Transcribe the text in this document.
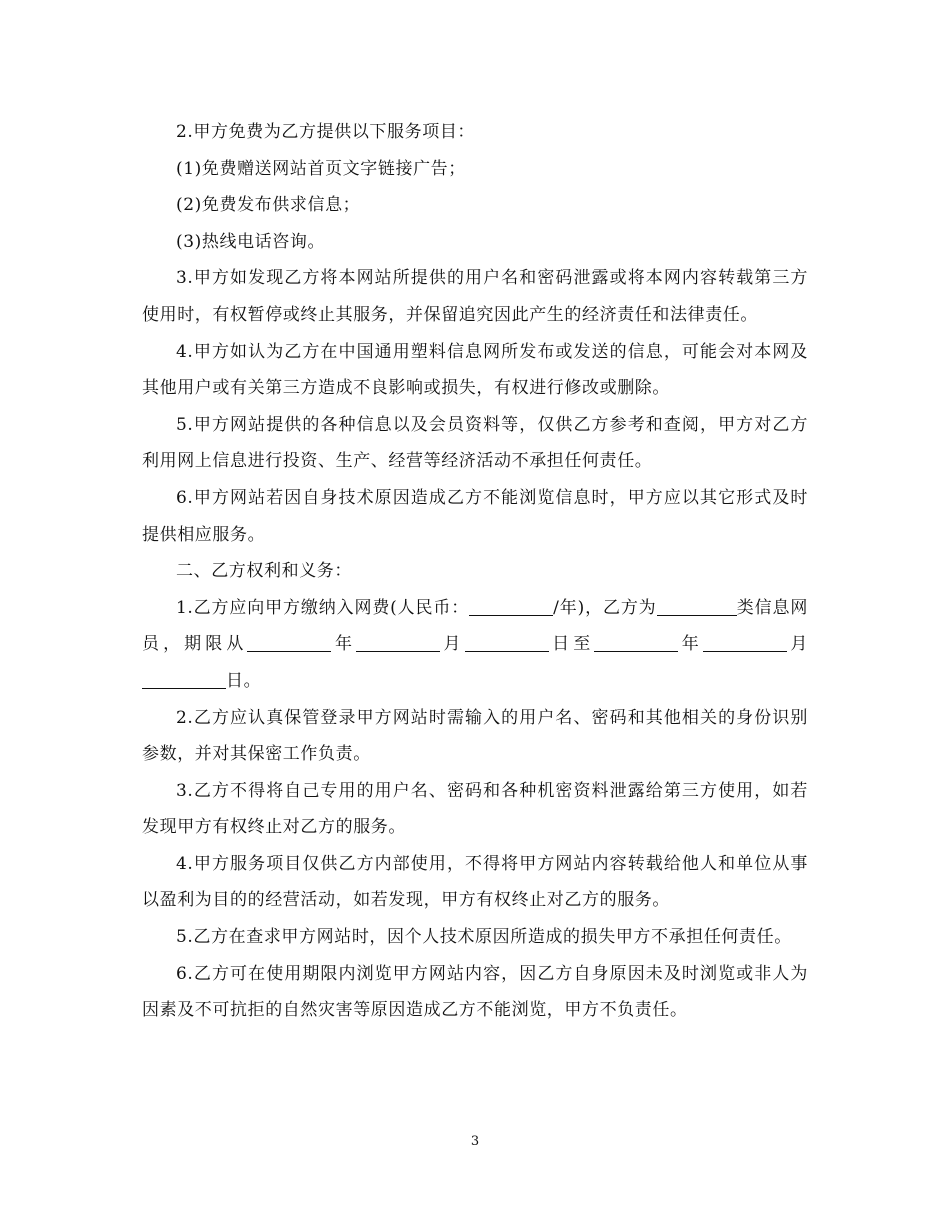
2.甲方免费为乙方提供以下服务项目：

(1)免费赠送网站首页文字链接广告；

(2)免费发布供求信息；

(3)热线电话咨询。

3.甲方如发现乙方将本网站所提供的用户名和密码泄露或将本网内容转载第三方使用时，有权暂停或终止其服务，并保留追究因此产生的经济责任和法律责任。

4.甲方如认为乙方在中国通用塑料信息网所发布或发送的信息，可能会对本网及其他用户或有关第三方造成不良影响或损失，有权进行修改或删除。

5.甲方网站提供的各种信息以及会员资料等，仅供乙方参考和查阅，甲方对乙方利用网上信息进行投资、生产、经营等经济活动不承担任何责任。

6.甲方网站若因自身技术原因造成乙方不能浏览信息时，甲方应以其它形式及时提供相应服务。

二、乙方权利和义务：

1.乙方应向甲方缴纳入网费(人民币：	/年)，乙方为	类信息网员，期限从	年	月	日至	年	月日。

2.乙方应认真保管登录甲方网站时需输入的用户名、密码和其他相关的身份识别参数，并对其保密工作负责。

3.乙方不得将自己专用的用户名、密码和各种机密资料泄露给第三方使用，如若发现甲方有权终止对乙方的服务。

4.甲方服务项目仅供乙方内部使用，不得将甲方网站内容转载给他人和单位从事以盈利为目的的经营活动，如若发现，甲方有权终止对乙方的服务。

5.乙方在查求甲方网站时，因个人技术原因所造成的损失甲方不承担任何责任。

6.乙方可在使用期限内浏览甲方网站内容，因乙方自身原因未及时浏览或非人为因素及不可抗拒的自然灾害等原因造成乙方不能浏览，甲方不负责任。

3
